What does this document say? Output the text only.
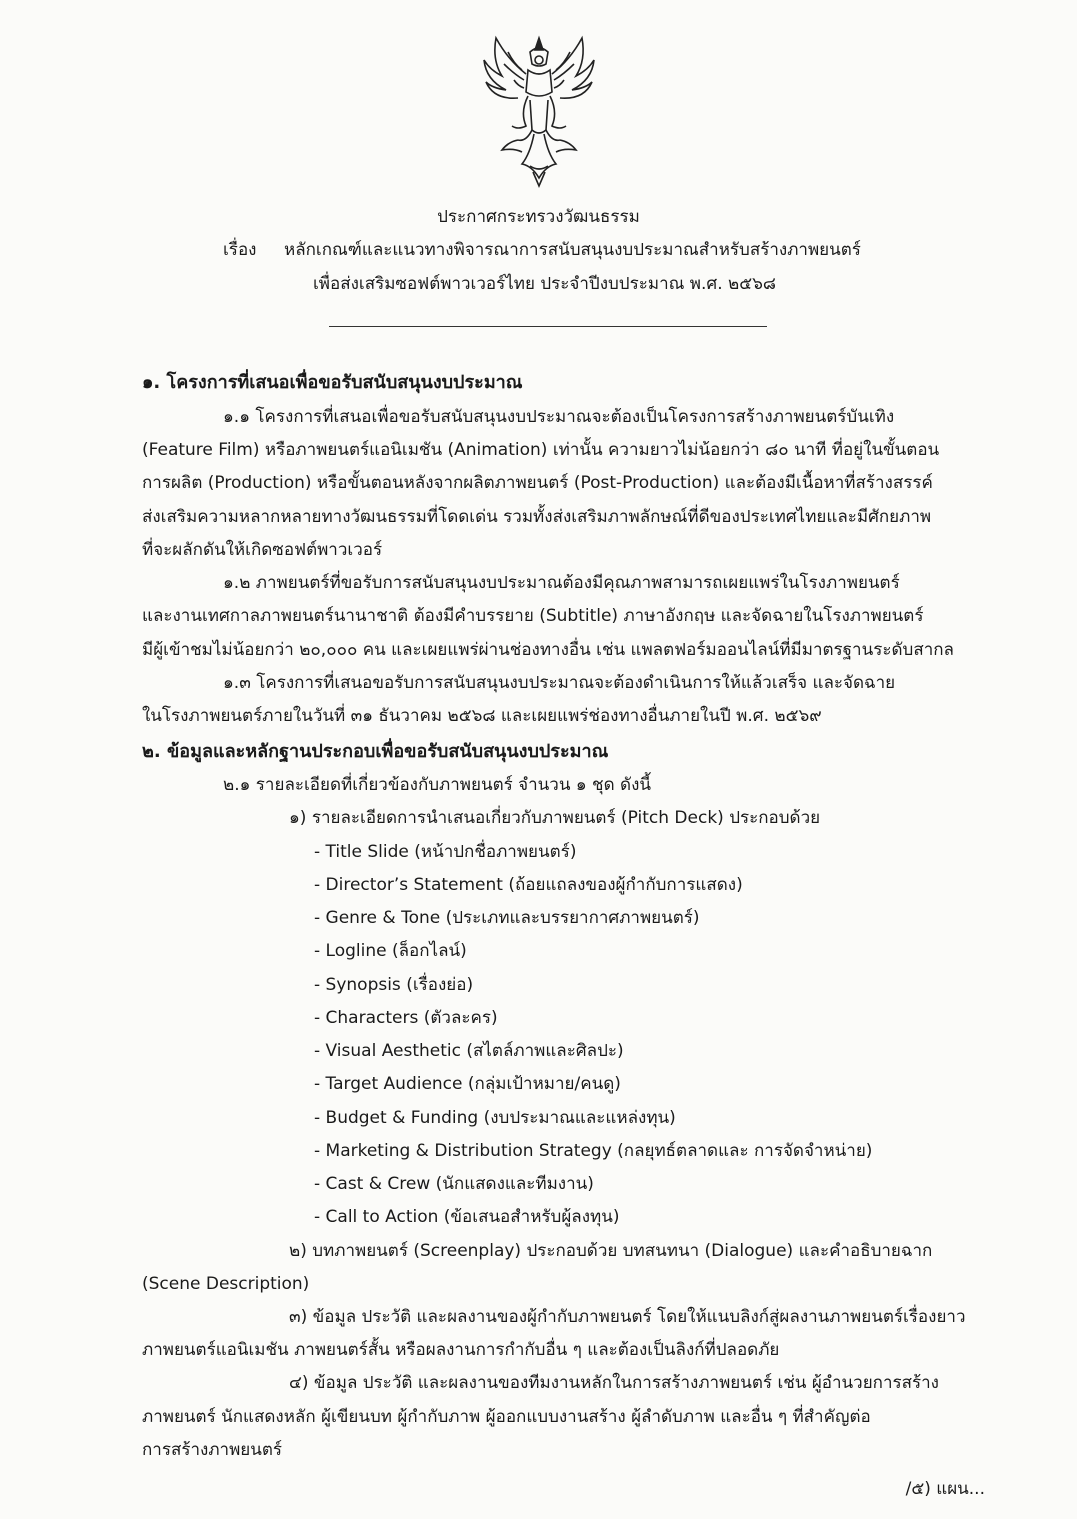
ประกาศกระทรวงวัฒนธรรม
เรื่อง หลักเกณฑ์และแนวทางพิจารณาการสนับสนุนงบประมาณสำหรับสร้างภาพยนตร์
เพื่อส่งเสริมซอฟต์พาวเวอร์ไทย ประจำปีงบประมาณ พ.ศ. ๒๕๖๘
๑. โครงการที่เสนอเพื่อขอรับสนับสนุนงบประมาณ
๑.๑ โครงการที่เสนอเพื่อขอรับสนับสนุนงบประมาณจะต้องเป็นโครงการสร้างภาพยนตร์บันเทิง
(Feature Film) หรือภาพยนตร์แอนิเมชัน (Animation) เท่านั้น ความยาวไม่น้อยกว่า ๘๐ นาที ที่อยู่ในขั้นตอน
การผลิต (Production) หรือขั้นตอนหลังจากผลิตภาพยนตร์ (Post-Production) และต้องมีเนื้อหาที่สร้างสรรค์
ส่งเสริมความหลากหลายทางวัฒนธรรมที่โดดเด่น รวมทั้งส่งเสริมภาพลักษณ์ที่ดีของประเทศไทยและมีศักยภาพ
ที่จะผลักดันให้เกิดซอฟต์พาวเวอร์
๑.๒ ภาพยนตร์ที่ขอรับการสนับสนุนงบประมาณต้องมีคุณภาพสามารถเผยแพร่ในโรงภาพยนตร์
และงานเทศกาลภาพยนตร์นานาชาติ ต้องมีคำบรรยาย (Subtitle) ภาษาอังกฤษ และจัดฉายในโรงภาพยนตร์
มีผู้เข้าชมไม่น้อยกว่า ๒๐,๐๐๐ คน และเผยแพร่ผ่านช่องทางอื่น เช่น แพลตฟอร์มออนไลน์ที่มีมาตรฐานระดับสากล
๑.๓ โครงการที่เสนอขอรับการสนับสนุนงบประมาณจะต้องดำเนินการให้แล้วเสร็จ และจัดฉาย
ในโรงภาพยนตร์ภายในวันที่ ๓๑ ธันวาคม ๒๕๖๘ และเผยแพร่ช่องทางอื่นภายในปี พ.ศ. ๒๕๖๙
๒. ข้อมูลและหลักฐานประกอบเพื่อขอรับสนับสนุนงบประมาณ
๒.๑ รายละเอียดที่เกี่ยวข้องกับภาพยนตร์ จำนวน ๑ ชุด ดังนี้
๑) รายละเอียดการนำเสนอเกี่ยวกับภาพยนตร์ (Pitch Deck) ประกอบด้วย
- Title Slide (หน้าปกชื่อภาพยนตร์)
- Director’s Statement (ถ้อยแถลงของผู้กำกับการแสดง)
- Genre & Tone (ประเภทและบรรยากาศภาพยนตร์)
- Logline (ล็อกไลน์)
- Synopsis (เรื่องย่อ)
- Characters (ตัวละคร)
- Visual Aesthetic (สไตล์ภาพและศิลปะ)
- Target Audience (กลุ่มเป้าหมาย/คนดู)
- Budget & Funding (งบประมาณและแหล่งทุน)
- Marketing & Distribution Strategy (กลยุทธ์ตลาดและ การจัดจำหน่าย)
- Cast & Crew (นักแสดงและทีมงาน)
- Call to Action (ข้อเสนอสำหรับผู้ลงทุน)
๒) บทภาพยนตร์ (Screenplay) ประกอบด้วย บทสนทนา (Dialogue) และคำอธิบายฉาก
(Scene Description)
๓) ข้อมูล ประวัติ และผลงานของผู้กำกับภาพยนตร์ โดยให้แนบลิงก์สู่ผลงานภาพยนตร์เรื่องยาว
ภาพยนตร์แอนิเมชัน ภาพยนตร์สั้น หรือผลงานการกำกับอื่น ๆ และต้องเป็นลิงก์ที่ปลอดภัย
๔) ข้อมูล ประวัติ และผลงานของทีมงานหลักในการสร้างภาพยนตร์ เช่น ผู้อำนวยการสร้าง
ภาพยนตร์ นักแสดงหลัก ผู้เขียนบท ผู้กำกับภาพ ผู้ออกแบบงานสร้าง ผู้ลำดับภาพ และอื่น ๆ ที่สำคัญต่อ
การสร้างภาพยนตร์
/๕) แผน...
